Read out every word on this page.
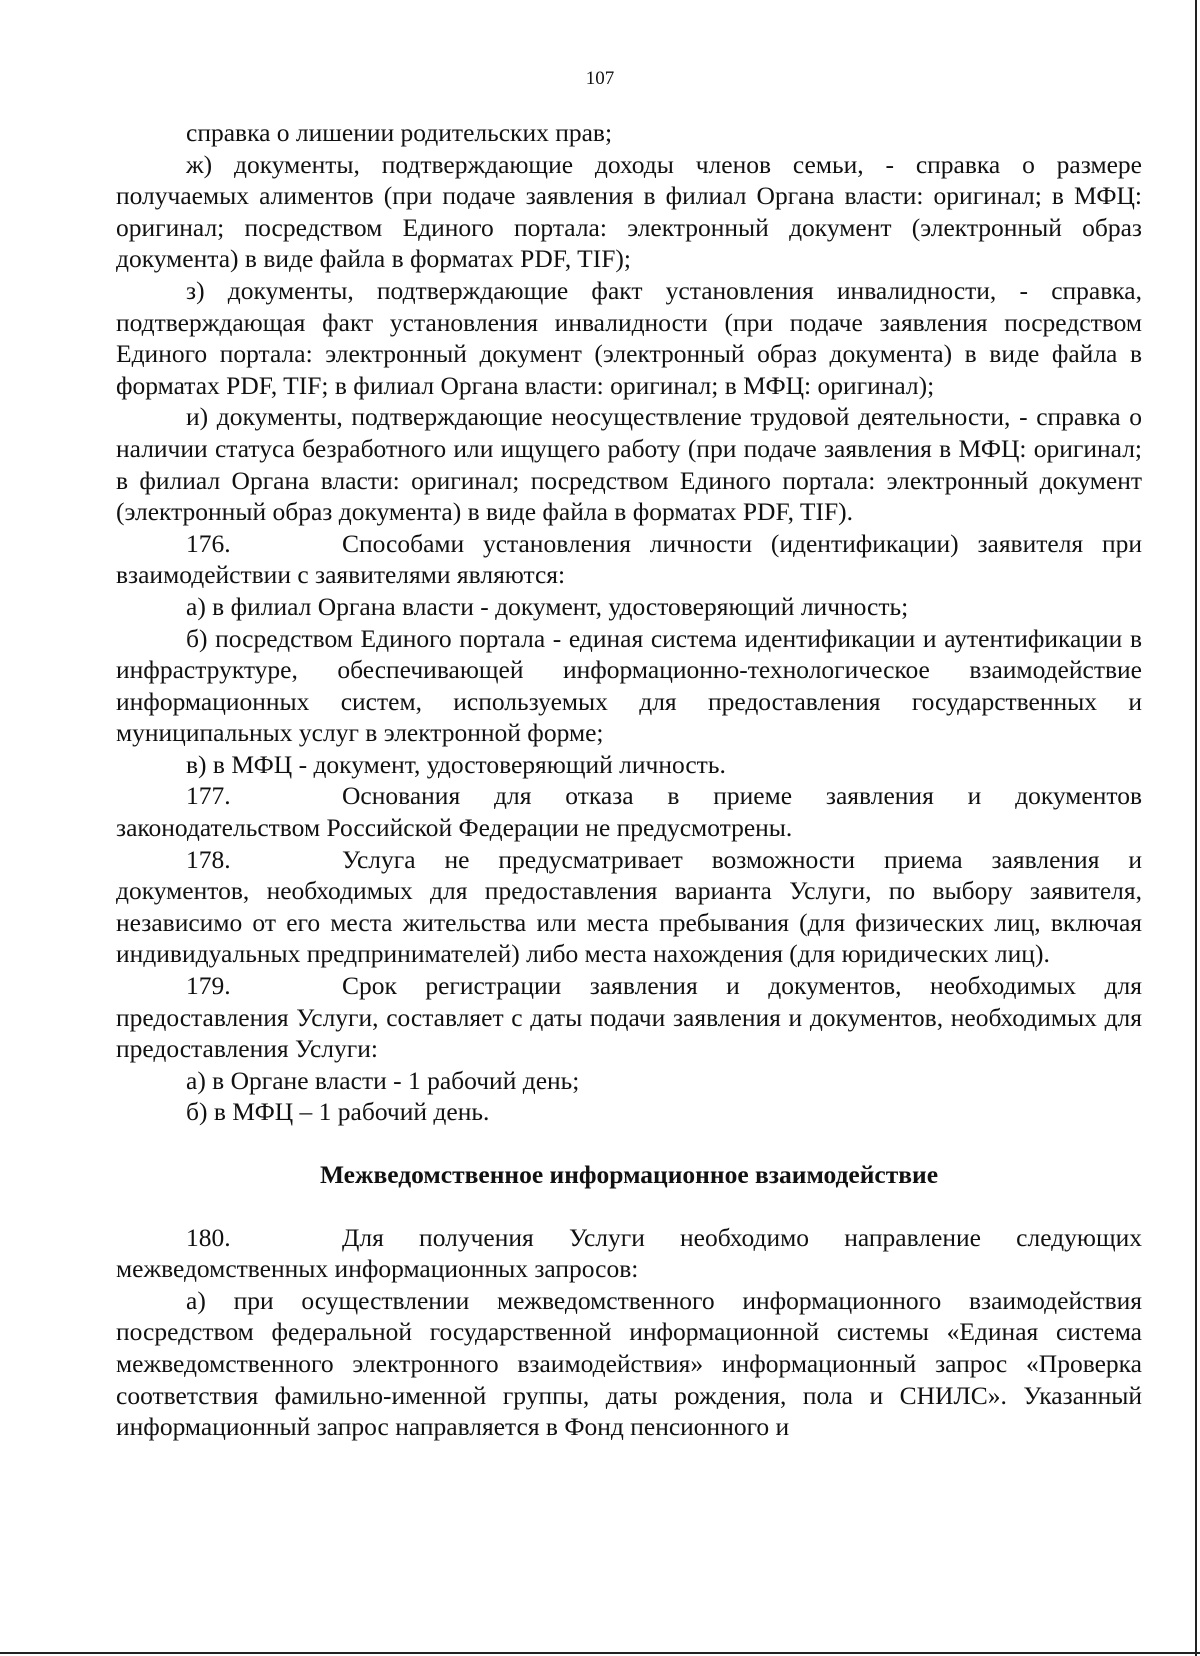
107

справка о лишении родительских прав;

ж) документы, подтверждающие доходы членов семьи, - справка о размере получаемых алиментов (при подаче заявления в филиал Органа власти: оригинал; в МФЦ: оригинал; посредством Единого портала: электронный документ (электронный образ документа) в виде файла в форматах PDF, TIF);

з) документы, подтверждающие факт установления инвалидности, - справка, подтверждающая факт установления инвалидности (при подаче заявления посредством Единого портала: электронный документ (электронный образ документа) в виде файла в форматах PDF, TIF; в филиал Органа власти: оригинал; в МФЦ: оригинал);

и) документы, подтверждающие неосуществление трудовой деятельности, - справка о наличии статуса безработного или ищущего работу (при подаче заявления в МФЦ: оригинал; в филиал Органа власти: оригинал; посредством Единого портала: электронный документ (электронный образ документа) в виде файла в форматах PDF, TIF).

176.	Способами установления личности (идентификации) заявителя при взаимодействии с заявителями являются:

а) в филиал Органа власти - документ, удостоверяющий личность;

б) посредством Единого портала - единая система идентификации и аутентификации в инфраструктуре, обеспечивающей информационно-технологическое взаимодействие информационных систем, используемых для предоставления государственных и муниципальных услуг в электронной форме;

в) в МФЦ - документ, удостоверяющий личность.

177.	Основания для отказа в приеме заявления и документов законодательством Российской Федерации не предусмотрены.

178.	Услуга не предусматривает возможности приема заявления и документов, необходимых для предоставления варианта Услуги, по выбору заявителя, независимо от его места жительства или места пребывания (для физических лиц, включая индивидуальных предпринимателей) либо места нахождения (для юридических лиц).

179.	Срок регистрации заявления и документов, необходимых для предоставления Услуги, составляет с даты подачи заявления и документов, необходимых для предоставления Услуги:

а) в Органе власти - 1 рабочий день;

б) в МФЦ – 1 рабочий день.

Межведомственное информационное взаимодействие

180.	Для получения Услуги необходимо направление следующих межведомственных информационных запросов:

а) при осуществлении межведомственного информационного взаимодействия посредством федеральной государственной информационной системы «Единая система межведомственного электронного взаимодействия» информационный запрос «Проверка соответствия фамильно-именной группы, даты рождения, пола и СНИЛС». Указанный информационный запрос направляется в Фонд пенсионного и
